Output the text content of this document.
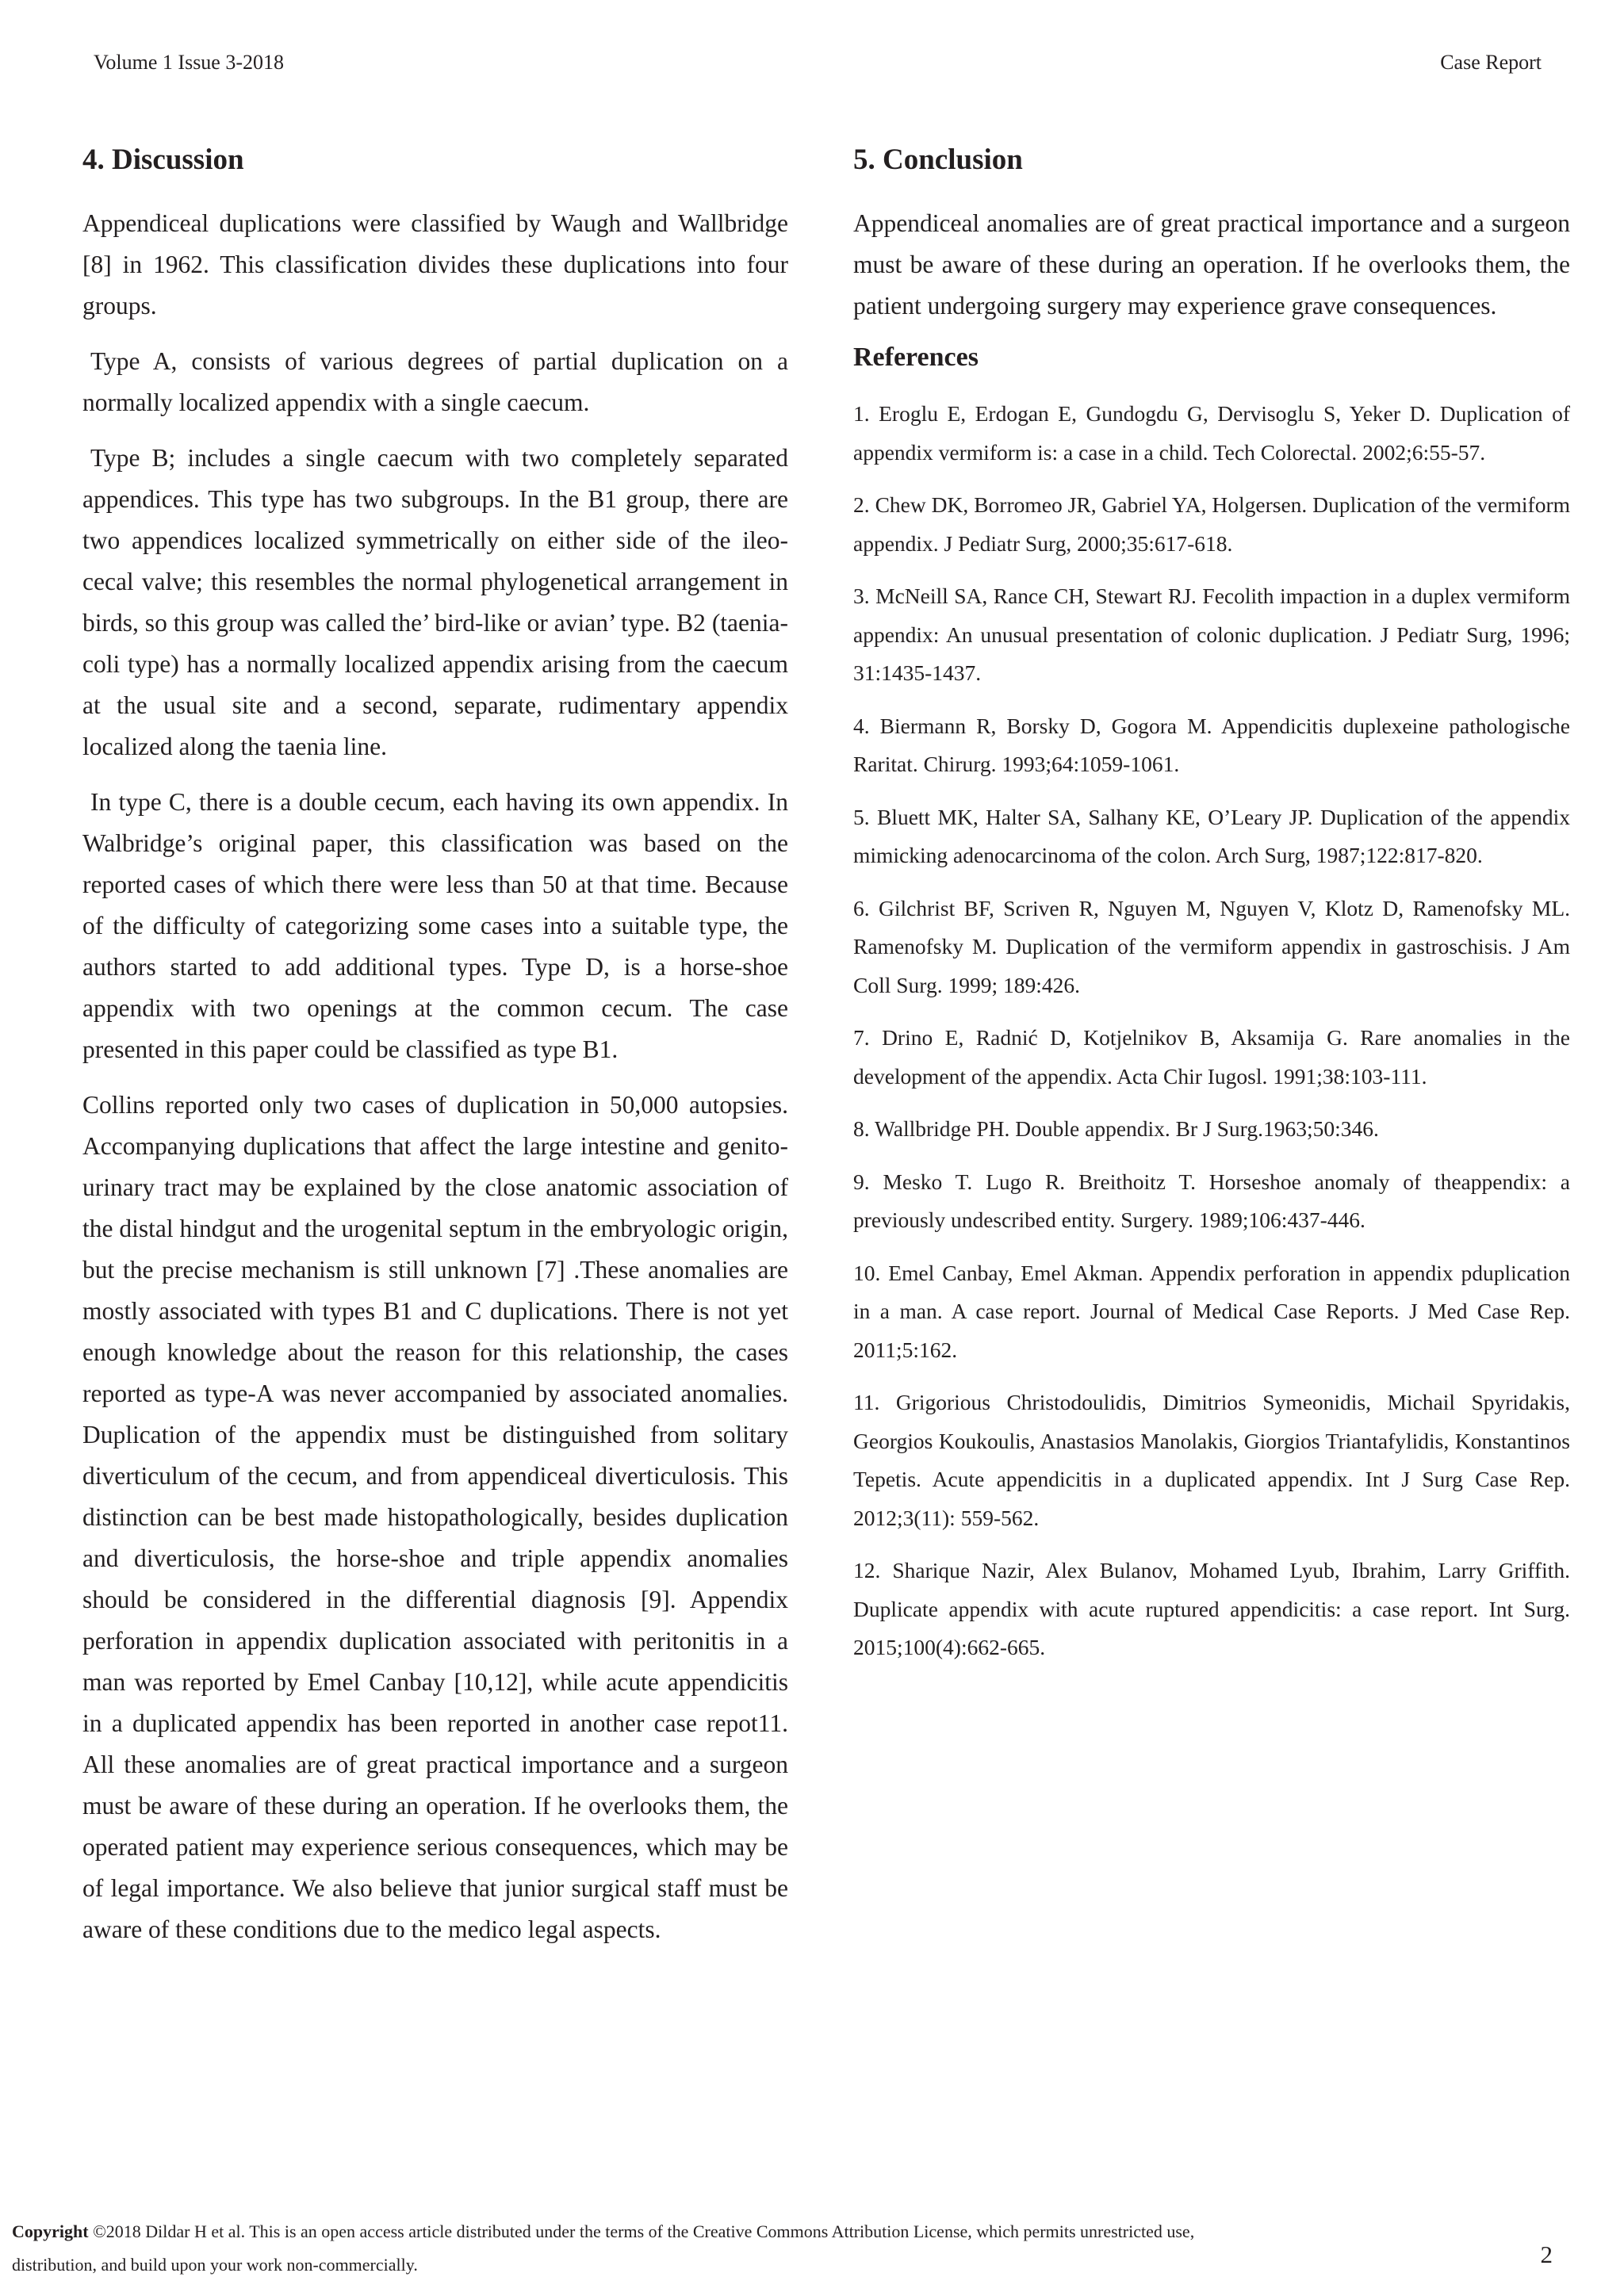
Volume 1 Issue 3-2018	Case Report
4. Discussion

Appendiceal duplications were classified by Waugh and Wallbridge [8] in 1962. This classification divides these duplications into four groups.

Type A, consists of various degrees of partial duplication on a normally localized appendix with a single caecum.

Type B; includes a single caecum with two completely separated appendices. This type has two subgroups. In the B1 group, there are two appendices localized symmetrically on either side of the ileo-cecal valve; this resembles the normal phylogenetical arrangement in birds, so this group was called the’ bird-like or avian’ type. B2 (taenia-coli type) has a normally localized appendix arising from the caecum at the usual site and a second, separate, rudimentary appendix localized along the taenia line.

In type C, there is a double cecum, each having its own appendix. In Walbridge’s original paper, this classification was based on the reported cases of which there were less than 50 at that time. Because of the difficulty of categorizing some cases into a suitable type, the authors started to add additional types. Type D, is a horse-shoe appendix with two openings at the common cecum. The case presented in this paper could be classified as type B1.

Collins reported only two cases of duplication in 50,000 autopsies. Accompanying duplications that affect the large intestine and genito-urinary tract may be explained by the close anatomic association of the distal hindgut and the urogenital septum in the embryologic origin, but the precise mechanism is still unknown [7] .These anomalies are mostly associated with types B1 and C duplications. There is not yet enough knowledge about the reason for this relationship, the cases reported as type-A was never accompanied by associated anomalies. Duplication of the appendix must be distinguished from solitary diverticulum of the cecum, and from appendiceal diverticulosis. This distinction can be best made histopathologically, besides duplication and diverticulosis, the horse-shoe and triple appendix anomalies should be considered in the differential diagnosis [9]. Appendix perforation in appendix duplication associated with peritonitis in a man was reported by Emel Canbay [10,12], while acute appendicitis in a duplicated appendix has been reported in another case repot11. All these anomalies are of great practical importance and a surgeon must be aware of these during an operation. If he overlooks them, the operated patient may experience serious consequences, which may be of legal importance. We also believe that junior surgical staff must be aware of these conditions due to the medico legal aspects.

5. Conclusion

Appendiceal anomalies are of great practical importance and a surgeon must be aware of these during an operation. If he overlooks them, the patient undergoing surgery may experience grave consequences.

References

1. Eroglu E, Erdogan E, Gundogdu G, Dervisoglu S, Yeker D. Duplication of appendix vermiform is: a case in a child. Tech Colorectal. 2002;6:55-57.

2. Chew DK, Borromeo JR, Gabriel YA, Holgersen. Duplication of the vermiform appendix. J Pediatr Surg, 2000;35:617-618.

3. McNeill SA, Rance CH, Stewart RJ. Fecolith impaction in a duplex vermiform appendix: An unusual presentation of colonic duplication. J Pediatr Surg, 1996; 31:1435-1437.

4. Biermann R, Borsky D, Gogora M. Appendicitis duplexeine pathologische Raritat. Chirurg. 1993;64:1059-1061.

5. Bluett MK, Halter SA, Salhany KE, O’Leary JP. Duplication of the appendix mimicking adenocarcinoma of the colon. Arch Surg, 1987;122:817-820.

6. Gilchrist BF, Scriven R, Nguyen M, Nguyen V, Klotz D, Ramenofsky ML. Ramenofsky M. Duplication of the vermiform appendix in gastroschisis. J Am Coll Surg. 1999; 189:426.

7. Drino E, Radnić D, Kotjelnikov B, Aksamija G. Rare anomalies in the development of the appendix. Acta Chir Iugosl. 1991;38:103-111.

8. Wallbridge PH. Double appendix. Br J Surg.1963;50:346.

9. Mesko T. Lugo R. Breithoitz T. Horseshoe anomaly of theappendix: a previously undescribed entity. Surgery. 1989;106:437-446.

10. Emel Canbay, Emel Akman. Appendix perforation in appendix pduplication in a man. A case report. Journal of Medical Case Reports. J Med Case Rep. 2011;5:162.

11. Grigorious Christodoulidis, Dimitrios Symeonidis, Michail Spyridakis, Georgios Koukoulis, Anastasios Manolakis, Giorgios Triantafylidis, Konstantinos Tepetis. Acute appendicitis in a duplicated appendix. Int J Surg Case Rep. 2012;3(11): 559-562.

12. Sharique Nazir, Alex Bulanov, Mohamed Lyub, Ibrahim, Larry Griffith. Duplicate appendix with acute ruptured appendicitis: a case report. Int Surg. 2015;100(4):662-665.

Copyright ©2018 Dildar H et al. This is an open access article distributed under the terms of the Creative Commons Attribution License, which permits unrestricted use, distribution, and build upon your work non-commercially.	2
